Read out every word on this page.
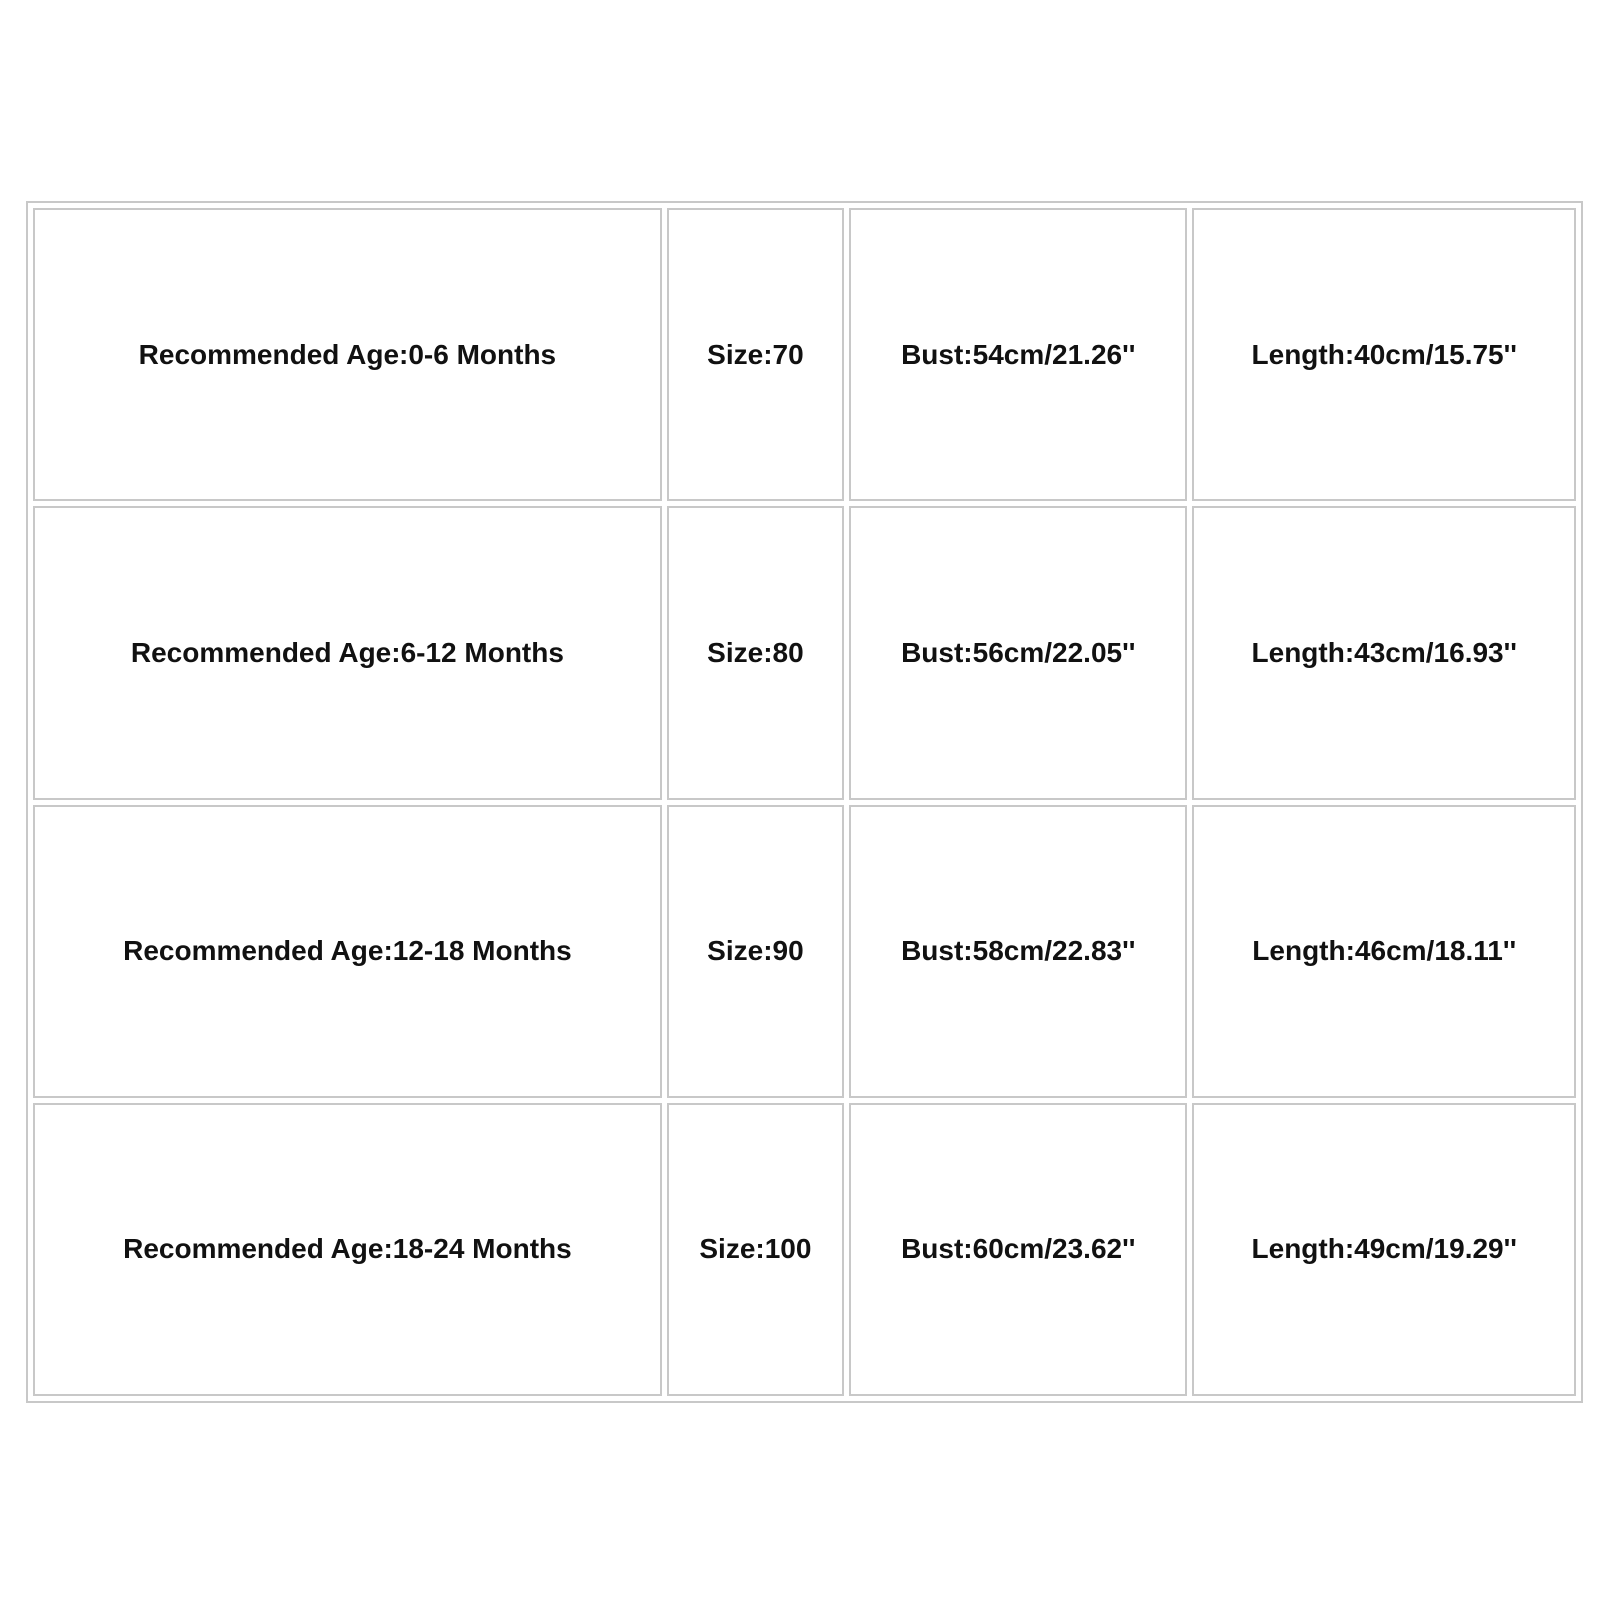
Recommended Age:0-6 Months	Size:70	Bust:54cm/21.26''	Length:40cm/15.75''
Recommended Age:6-12 Months	Size:80	Bust:56cm/22.05''	Length:43cm/16.93''
Recommended Age:12-18 Months	Size:90	Bust:58cm/22.83''	Length:46cm/18.11''
Recommended Age:18-24 Months	Size:100	Bust:60cm/23.62''	Length:49cm/19.29''
